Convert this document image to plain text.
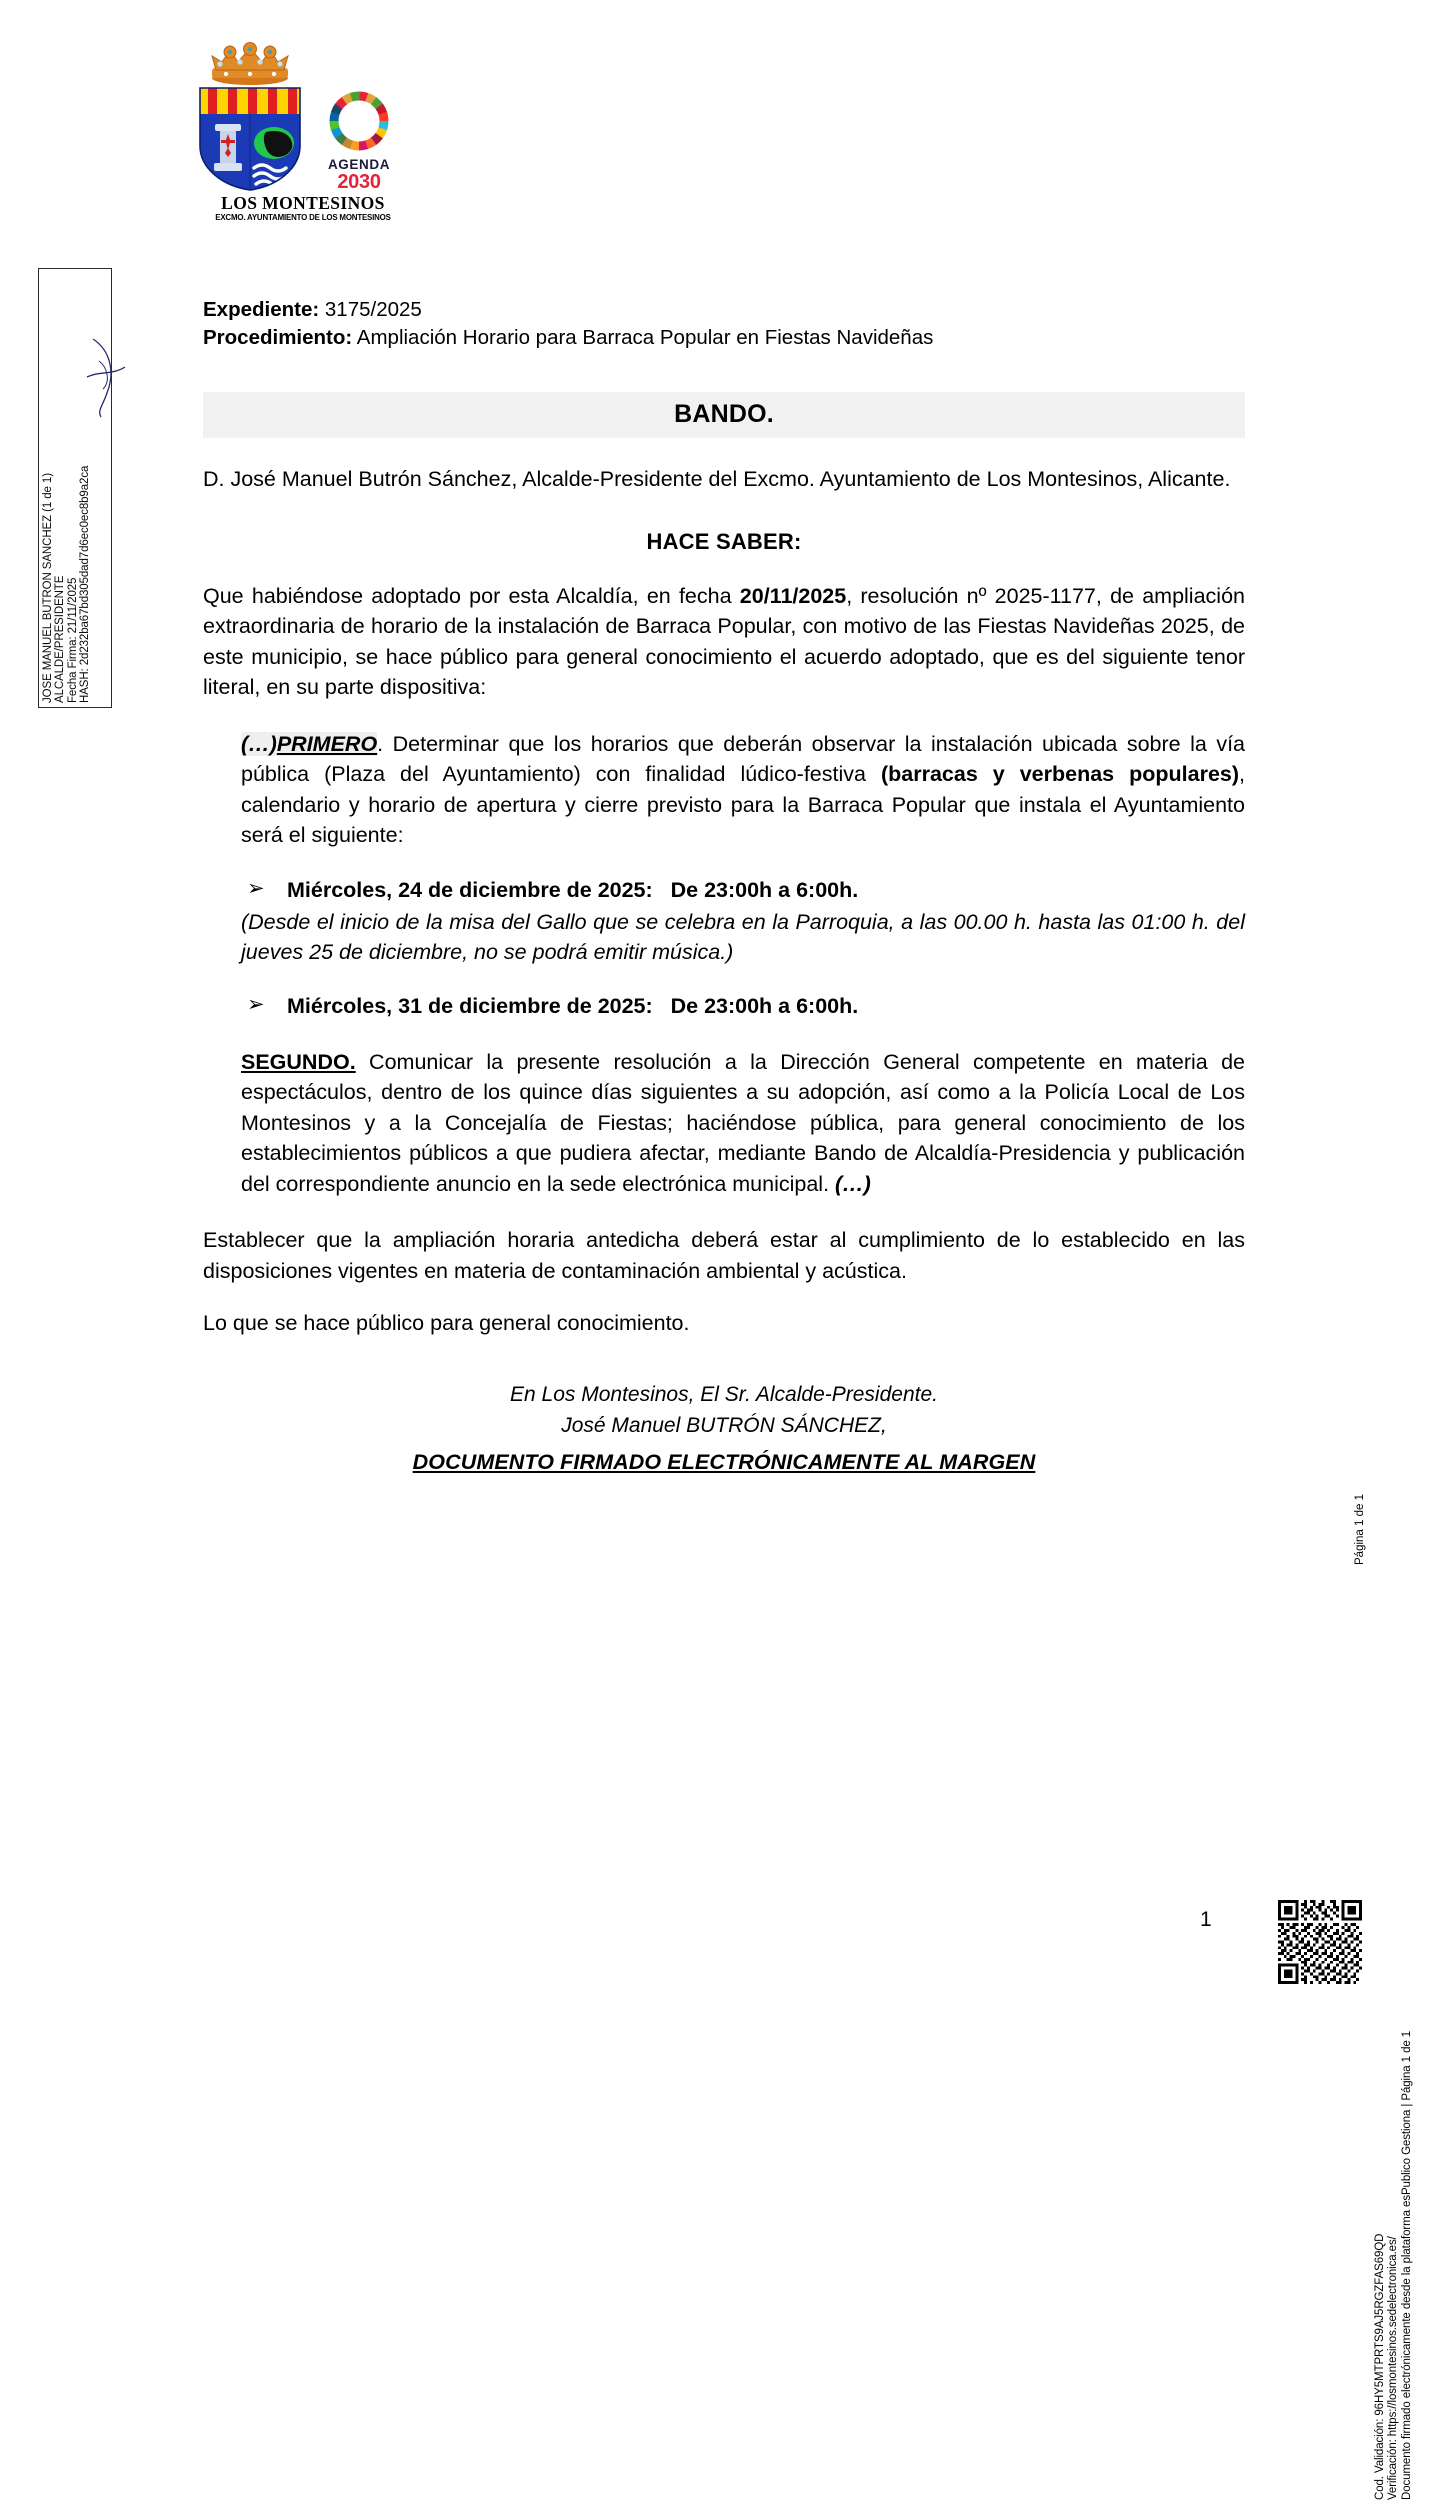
JOSE MANUEL BUTRON SANCHEZ (1 de 1) ALCALDE/PRESIDENTE Fecha Firma: 21/11/2025 HASH: 2d232ba67bd305dad7d6ec0ec8b9a2ca
AGENDA
2030
LOS MONTESINOS
EXCMO. AYUNTAMIENTO DE LOS MONTESINOS
Expediente: 3175/2025
Procedimiento: Ampliación Horario para Barraca Popular en Fiestas Navideñas
BANDO.

D. José Manuel Butrón Sánchez, Alcalde-Presidente del Excmo. Ayuntamiento de Los Montesinos, Alicante.

HACE SABER:

Que habiéndose adoptado por esta Alcaldía, en fecha 20/11/2025, resolución nº 2025-1177, de ampliación extraordinaria de horario de la instalación de Barraca Popular, con motivo de las Fiestas Navideñas 2025, de este municipio, se hace público para general conocimiento el acuerdo adoptado, que es del siguiente tenor literal, en su parte dispositiva:

(…)PRIMERO. Determinar que los horarios que deberán observar la instalación ubicada sobre la vía pública (Plaza del Ayuntamiento) con finalidad lúdico-festiva (barracas y verbenas populares), calendario y horario de apertura y cierre previsto para la Barraca Popular que instala el Ayuntamiento será el siguiente:

➢ Miércoles, 24 de diciembre de 2025: De 23:00h a 6:00h.

(Desde el inicio de la misa del Gallo que se celebra en la Parroquia, a las 00.00 h. hasta las 01:00 h. del jueves 25 de diciembre, no se podrá emitir música.)

➢ Miércoles, 31 de diciembre de 2025: De 23:00h a 6:00h.

SEGUNDO. Comunicar la presente resolución a la Dirección General competente en materia de espectáculos, dentro de los quince días siguientes a su adopción, así como a la Policía Local de Los Montesinos y a la Concejalía de Fiestas; haciéndose pública, para general conocimiento de los establecimientos públicos a que pudiera afectar, mediante Bando de Alcaldía-Presidencia y publicación del correspondiente anuncio en la sede electrónica municipal. (…)

Establecer que la ampliación horaria antedicha deberá estar al cumplimiento de lo establecido en las disposiciones vigentes en materia de contaminación ambiental y acústica.

Lo que se hace público para general conocimiento.

En Los Montesinos, El Sr. Alcalde-Presidente.
José Manuel BUTRÓN SÁNCHEZ,
DOCUMENTO FIRMADO ELECTRÓNICAMENTE AL MARGEN
Página 1 de 1
Cod. Validación: 96HY5MTPRTS9AJ5RGZFAS69QD Verificación: https://losmontesinos.sedelectronica.es/ Documento firmado electrónicamente desde la plataforma esPublico Gestiona | Página 1 de 1
1
